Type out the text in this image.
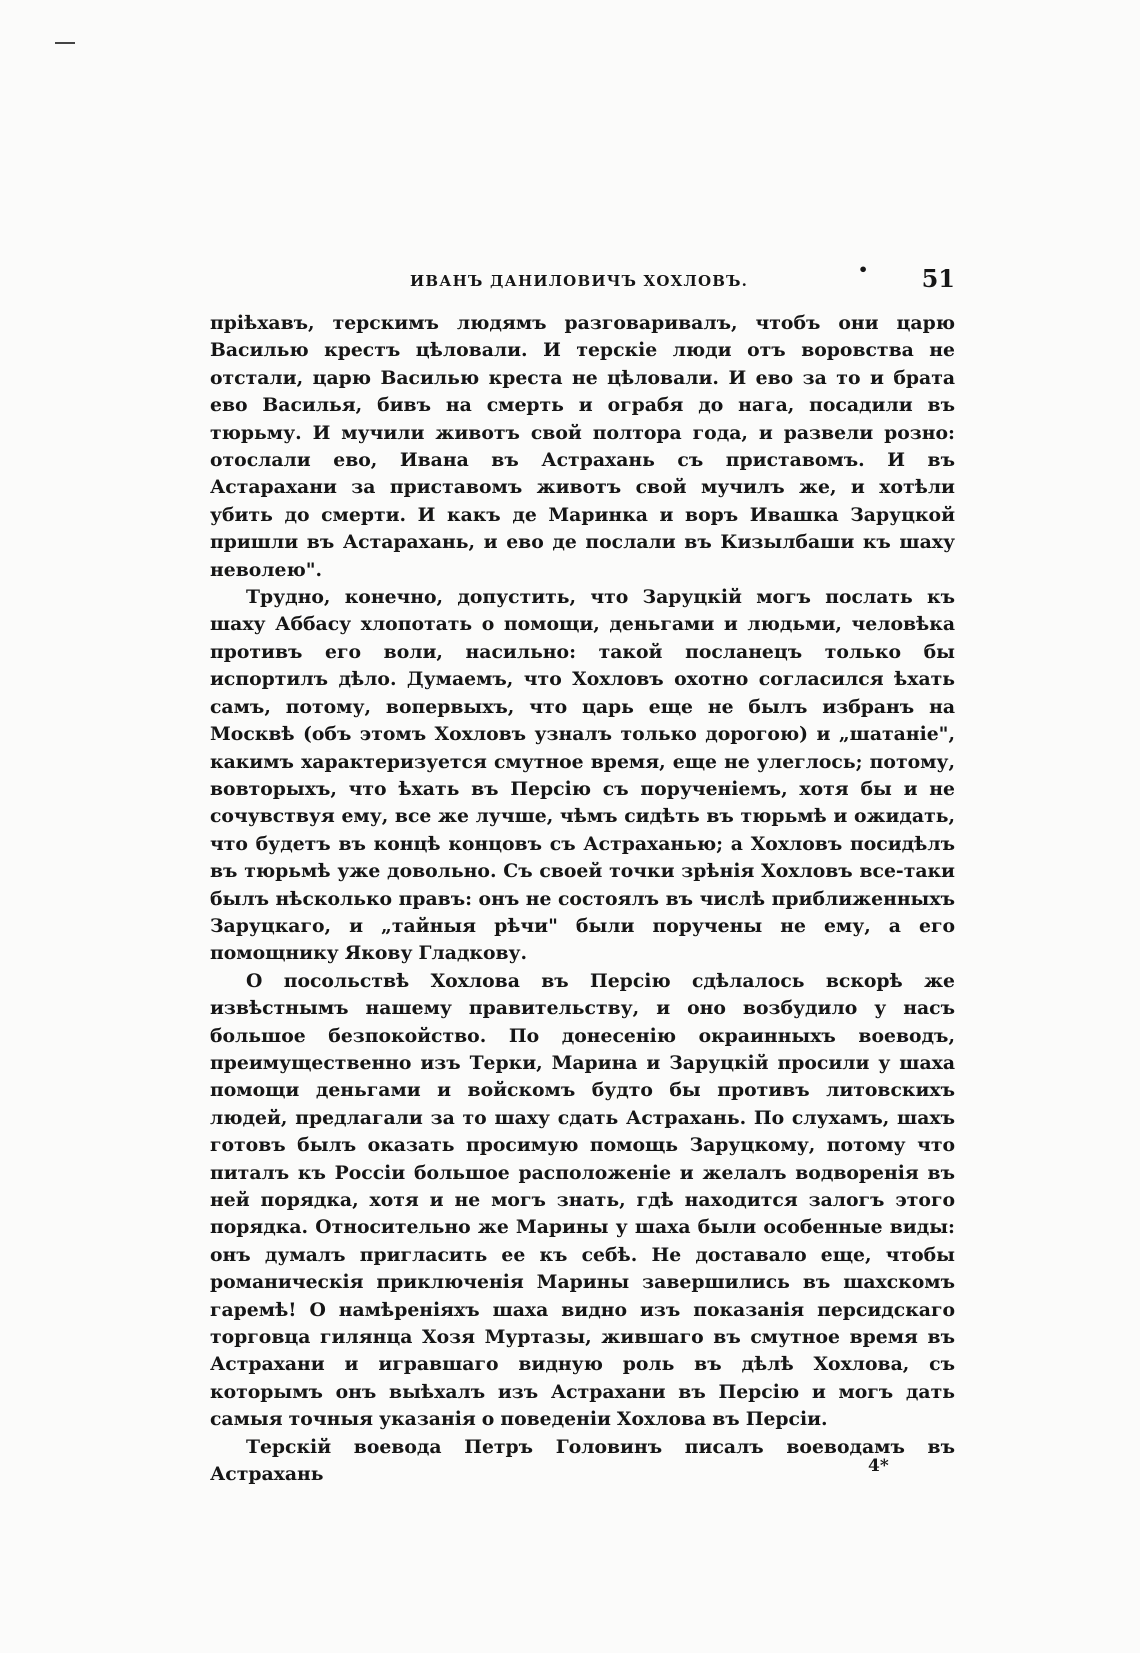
ИВАНЪ ДАНИЛОВИЧЪ ХОХЛОВЪ.
• 51

пріѣхавъ, терскимъ людямъ разговаривалъ, чтобъ они царю Василью крестъ цѣловали. И терскіе люди отъ воровства не отстали, царю Василью креста не цѣловали. И ево за то и брата ево Василья, бивъ на смерть и ограбя до нага, посадили въ тюрьму. И мучили животъ свой полтора года, и развели розно: отослали ево, Ивана въ Астрахань съ приставомъ. И въ Астарахани за приставомъ животъ свой мучилъ же, и хотѣли убить до смерти. И какъ де Маринка и воръ Ивашка Заруцкой пришли въ Астарахань, и ево де послали въ Кизылбаши къ шаху неволею".

Трудно, конечно, допустить, что Заруцкій могъ послать къ шаху Аббасу хлопотать о помощи, деньгами и людьми, человѣка противъ его воли, насильно: такой посланецъ только бы испортилъ дѣло. Думаемъ, что Хохловъ охотно согласился ѣхать самъ, потому, вопервыхъ, что царь еще не былъ избранъ на Москвѣ (объ этомъ Хохловъ узналъ только дорогою) и „шатаніе", какимъ характеризуется смутное время, еще не улеглось; потому, вовторыхъ, что ѣхать въ Персію съ порученіемъ, хотя бы и не сочувствуя ему, все же лучше, чѣмъ сидѣть въ тюрьмѣ и ожидать, что будетъ въ концѣ концовъ съ Астраханью; а Хохловъ посидѣлъ въ тюрьмѣ уже довольно. Съ своей точки зрѣнія Хохловъ все-таки былъ нѣсколько правъ: онъ не состоялъ въ числѣ приближенныхъ Заруцкаго, и „тайныя рѣчи" были поручены не ему, а его помощнику Якову Гладкову.

О посольствѣ Хохлова въ Персію сдѣлалось вскорѣ же извѣстнымъ нашему правительству, и оно возбудило у насъ большое безпокойство. По донесенію окраинныхъ воеводъ, преимущественно изъ Терки, Марина и Заруцкій просили у шаха помощи деньгами и войскомъ будто бы противъ литовскихъ людей, предлагали за то шаху сдать Астрахань. По слухамъ, шахъ готовъ былъ оказать просимую помощь Заруцкому, потому что питалъ къ Россіи большое расположеніе и желалъ водворенія въ ней порядка, хотя и не могъ знать, гдѣ находится залогъ этого порядка. Относительно же Марины у шаха были особенные виды: онъ думалъ пригласить ее къ себѣ. Не доставало еще, чтобы романическія приключенія Марины завершились въ шахскомъ гаремѣ! О намѣреніяхъ шаха видно изъ показанія персидскаго торговца гилянца Хозя Муртазы, жившаго въ смутное время въ Астрахани и игравшаго видную роль въ дѣлѣ Хохлова, съ которымъ онъ выѣхалъ изъ Астрахани въ Персію и могъ дать самыя точныя указанія о поведеніи Хохлова въ Персіи.

Терскій воевода Петръ Головинъ писалъ воеводамъ въ Астрахань	4*
